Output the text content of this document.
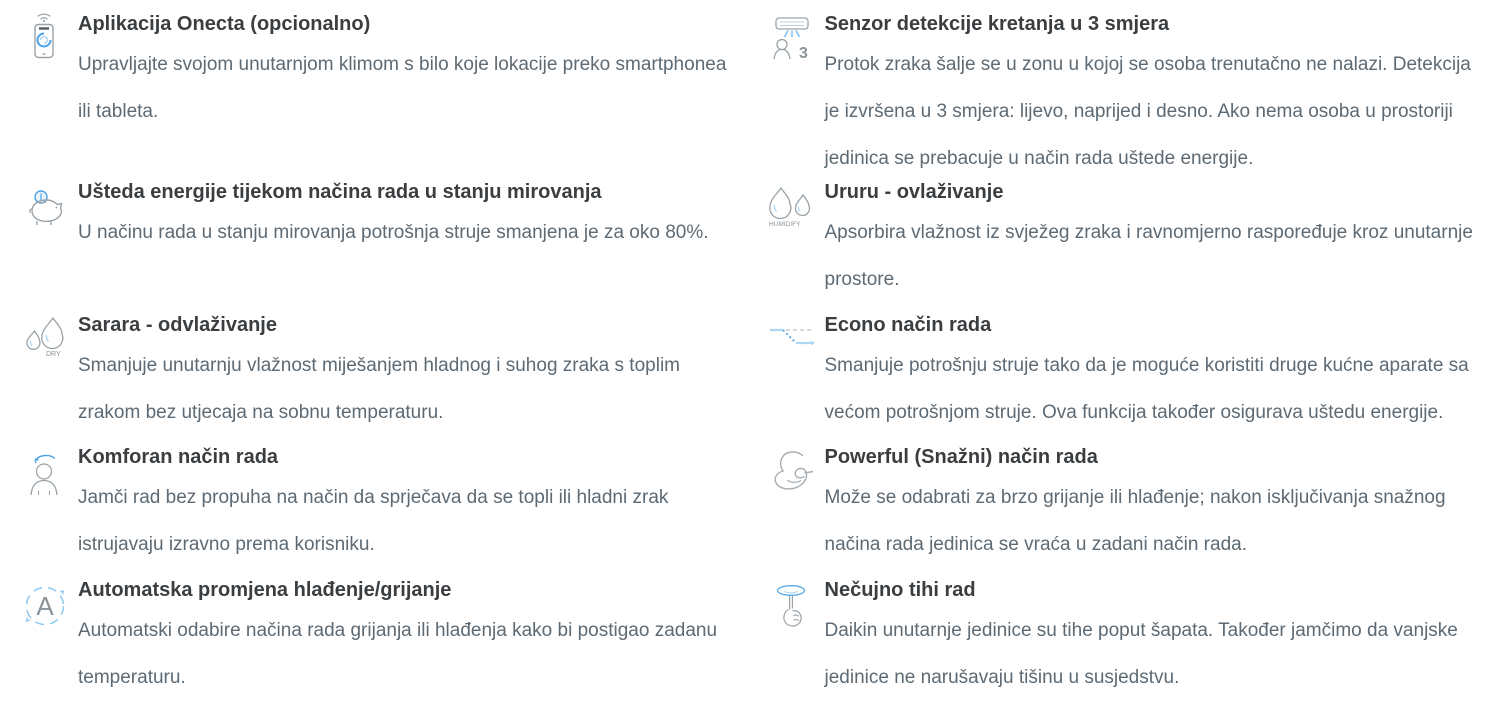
Aplikacija Onecta (opcionalno)

Upravljajte svojom unutarnjom klimom s bilo koje lokacije preko smartphonea ili tableta.

3
Senzor detekcije kretanja u 3 smjera

Protok zraka šalje se u zonu u kojoj se osoba trenutačno ne nalazi. Detekcija je izvršena u 3 smjera: lijevo, naprijed i desno. Ako nema osoba u prostoriji jedinica se prebacuje u način rada uštede energije.

Ušteda energije tijekom načina rada u stanju mirovanja

U načinu rada u stanju mirovanja potrošnja struje smanjena je za oko 80%.	HUMIDIFY
Ururu - ovlaživanje

Apsorbira vlažnost iz svježeg zraka i ravnomjerno raspoređuje kroz unutarnje prostore.

DRY
Sarara - odvlaživanje

Smanjuje unutarnju vlažnost miješanjem hladnog i suhog zraka s toplim zrakom bez utjecaja na sobnu temperaturu.

Econo način rada

Smanjuje potrošnju struje tako da je moguće koristiti druge kućne aparate sa većom potrošnjom struje. Ova funkcija također osigurava uštedu energije.

Komforan način rada

Jamči rad bez propuha na način da sprječava da se topli ili hladni zrak istrujavaju izravno prema korisniku.

Powerful (Snažni) način rada

Može se odabrati za brzo grijanje ili hlađenje; nakon isključivanja snažnog načina rada jedinica se vraća u zadani način rada.

A
Automatska promjena hlađenje/grijanje

Automatski odabire načina rada grijanja ili hlađenja kako bi postigao zadanu temperaturu.

Nečujno tihi rad

Daikin unutarnje jedinice su tihe poput šapata. Također jamčimo da vanjske jedinice ne narušavaju tišinu u susjedstvu.
